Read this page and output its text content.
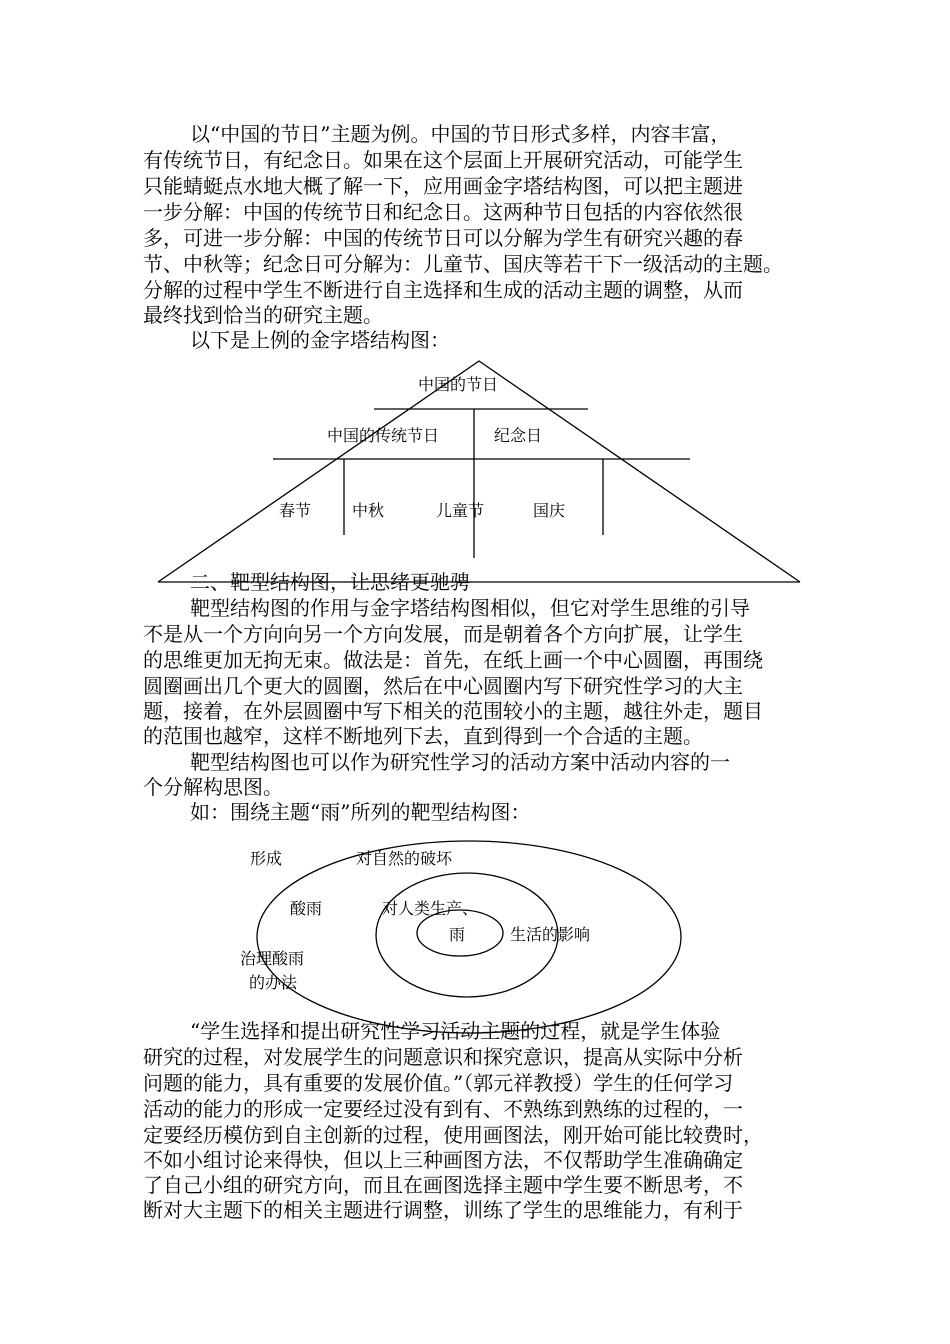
以“中国的节日”主题为例。中国的节日形式多样，内容丰富，
有传统节日，有纪念日。如果在这个层面上开展研究活动，可能学生
只能蜻蜓点水地大概了解一下，应用画金字塔结构图，可以把主题进
一步分解：中国的传统节日和纪念日。这两种节日包括的内容依然很
多，可进一步分解：中国的传统节日可以分解为学生有研究兴趣的春
节、中秋等；纪念日可分解为：儿童节、国庆等若干下一级活动的主题。
分解的过程中学生不断进行自主选择和生成的活动主题的调整，从而
最终找到恰当的研究主题。
以下是上例的金字塔结构图：
中国的节日
中国的传统节日	纪念日
春节	中秋	儿童节	国庆
二、靶型结构图，让思绪更驰骋
靶型结构图的作用与金字塔结构图相似，但它对学生思维的引导
不是从一个方向向另一个方向发展，而是朝着各个方向扩展，让学生
的思维更加无拘无束。做法是：首先，在纸上画一个中心圆圈，再围绕
圆圈画出几个更大的圆圈，然后在中心圆圈内写下研究性学习的大主
题，接着，在外层圆圈中写下相关的范围较小的主题，越往外走，题目
的范围也越窄，这样不断地列下去，直到得到一个合适的主题。
靶型结构图也可以作为研究性学习的活动方案中活动内容的一
个分解构思图。
如：围绕主题“雨”所列的靶型结构图：
形成	对自然的破坏
酸雨	对人类生产、
雨	生活的影响
治理酸雨
的办法
“学生选择和提出研究性学习活动主题的过程，就是学生体验
研究的过程，对发展学生的问题意识和探究意识，提高从实际中分析
问题的能力，具有重要的发展价值。”（郭元祥教授）学生的任何学习
活动的能力的形成一定要经过没有到有、不熟练到熟练的过程的，一
定要经历模仿到自主创新的过程，使用画图法，刚开始可能比较费时，
不如小组讨论来得快，但以上三种画图方法，不仅帮助学生准确确定
了自己小组的研究方向，而且在画图选择主题中学生要不断思考，不
断对大主题下的相关主题进行调整，训练了学生的思维能力，有利于
